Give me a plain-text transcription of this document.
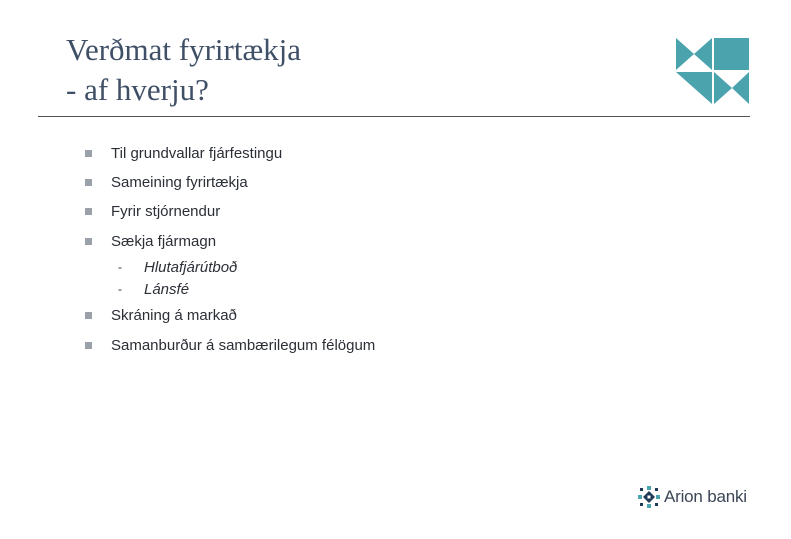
Verðmat fyrirtækja
- af hverju?
Til grundvallar fjárfestingu
Sameining fyrirtækja
Fyrir stjórnendur
Sækja fjármagn
-	Hlutafjárútboð
-	Lánsfé
Skráning á markað
Samanburður á sambærilegum félögum
Arion banki
